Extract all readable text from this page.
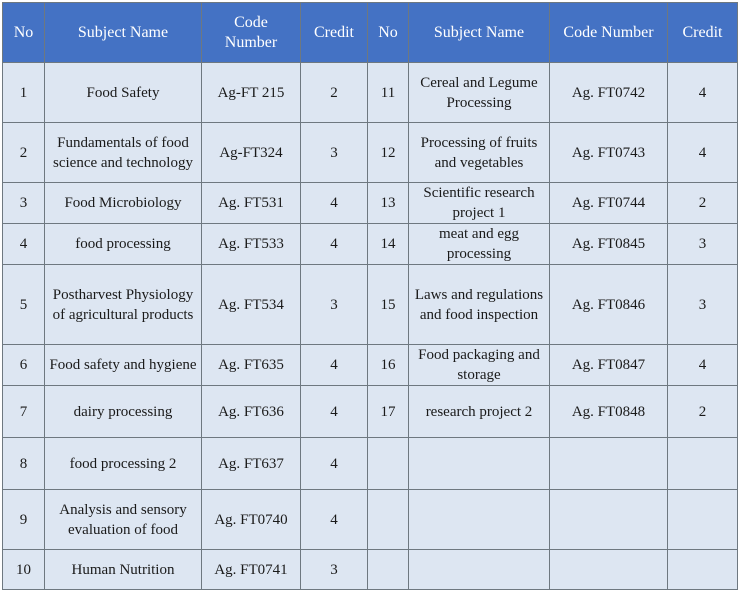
No	Subject Name	Code Number	Credit	No	Subject Name	Code Number	Credit
1	Food Safety	Ag-FT 215	2	11	Cereal and Legume Processing	Ag. FT0742	4
2	Fundamentals of food science and technology	Ag-FT324	3	12	Processing of fruits and vegetables	Ag. FT0743	4
3	Food Microbiology	Ag. FT531	4	13	Scientific research project 1	Ag. FT0744	2
4	food processing	Ag. FT533	4	14	meat and egg processing	Ag. FT0845	3
5	Postharvest Physiology of agricultural products	Ag. FT534	3	15	Laws and regulations and food inspection	Ag. FT0846	3
6	Food safety and hygiene	Ag. FT635	4	16	Food packaging and storage	Ag. FT0847	4
7	dairy processing	Ag. FT636	4	17	research project 2	Ag. FT0848	2
8	food processing 2	Ag. FT637	4				
9	Analysis and sensory evaluation of food	Ag. FT0740	4				
10	Human Nutrition	Ag. FT0741	3				
